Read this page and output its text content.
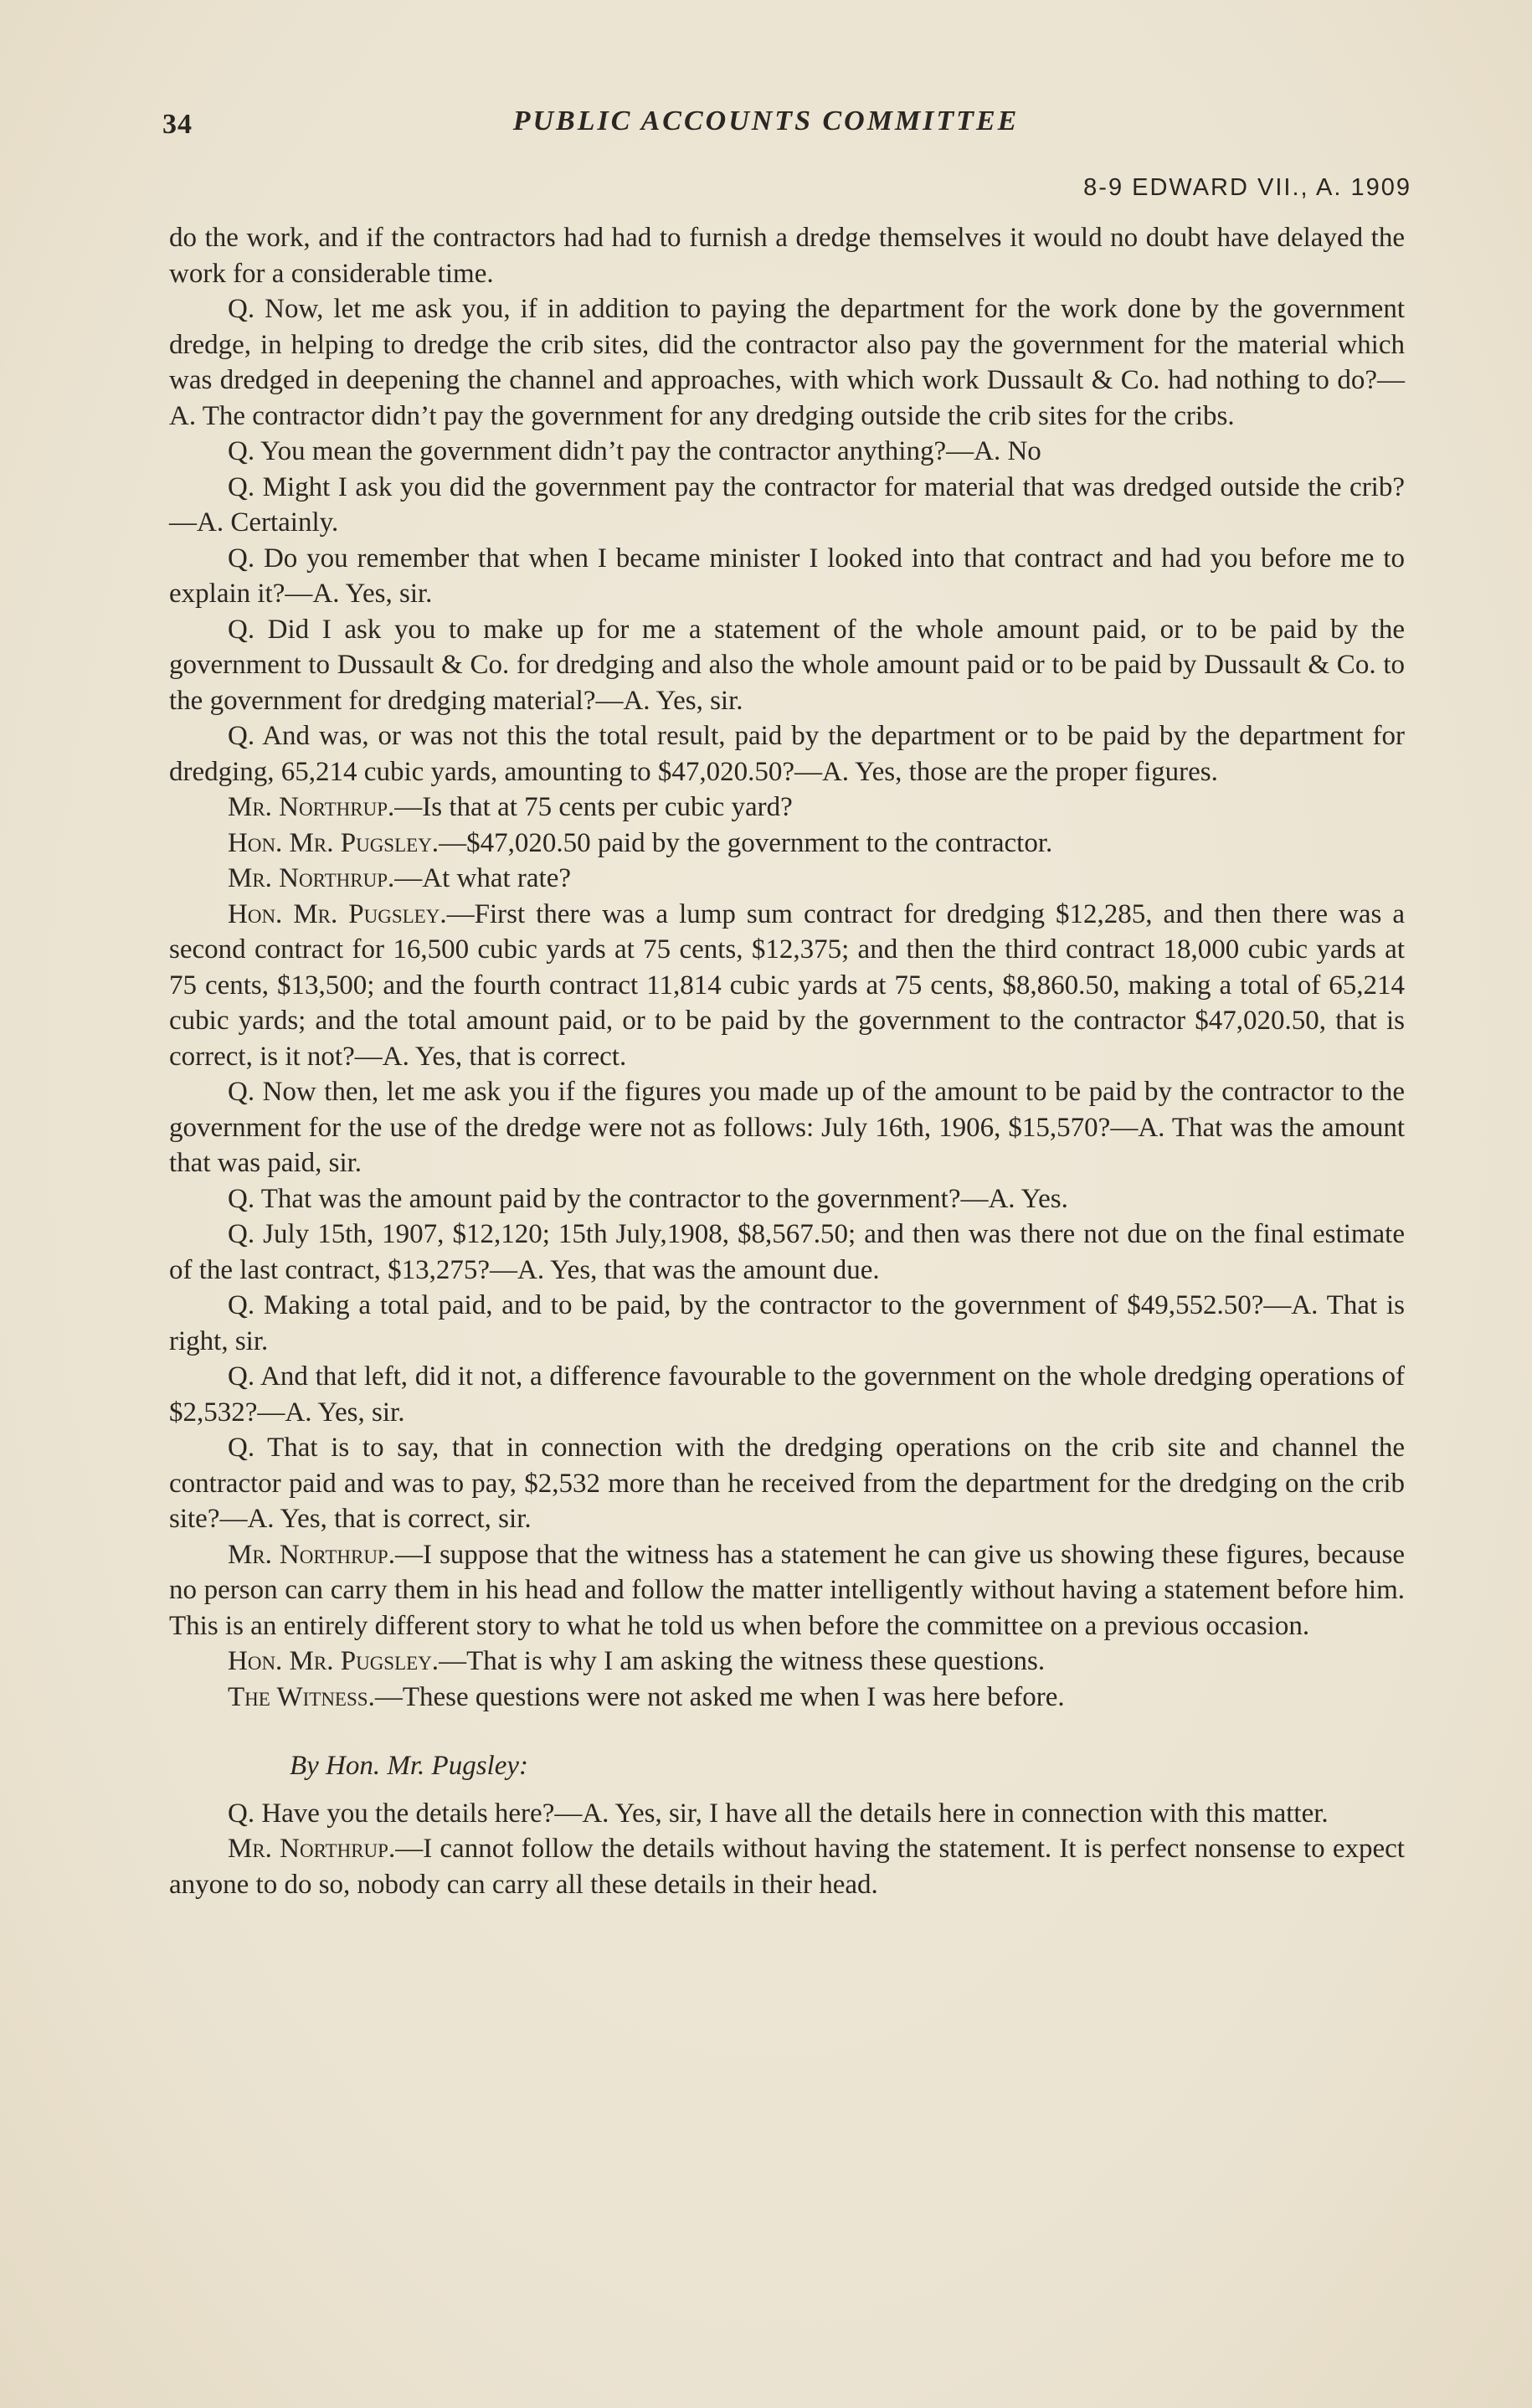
34	PUBLIC ACCOUNTS COMMITTEE
8-9 EDWARD VII., A. 1909

do the work, and if the contractors had had to furnish a dredge themselves it would no doubt have delayed the work for a considerable time.

Q. Now, let me ask you, if in addition to paying the department for the work done by the government dredge, in helping to dredge the crib sites, did the contractor also pay the government for the material which was dredged in deepening the channel and approaches, with which work Dussault & Co. had nothing to do?—A. The contractor didn’t pay the government for any dredging outside the crib sites for the cribs.

Q. You mean the government didn’t pay the contractor anything?—A. No

Q. Might I ask you did the government pay the contractor for material that was dredged outside the crib?—A. Certainly.

Q. Do you remember that when I became minister I looked into that contract and had you before me to explain it?—A. Yes, sir.

Q. Did I ask you to make up for me a statement of the whole amount paid, or to be paid by the government to Dussault & Co. for dredging and also the whole amount paid or to be paid by Dussault & Co. to the government for dredging material?—A. Yes, sir.

Q. And was, or was not this the total result, paid by the department or to be paid by the department for dredging, 65,214 cubic yards, amounting to $47,020.50?—A. Yes, those are the proper figures.

Mr. Northrup.—Is that at 75 cents per cubic yard?

Hon. Mr. Pugsley.—$47,020.50 paid by the government to the contractor.

Mr. Northrup.—At what rate?

Hon. Mr. Pugsley.—First there was a lump sum contract for dredging $12,285, and then there was a second contract for 16,500 cubic yards at 75 cents, $12,375; and then the third contract 18,000 cubic yards at 75 cents, $13,500; and the fourth contract 11,814 cubic yards at 75 cents, $8,860.50, making a total of 65,214 cubic yards; and the total amount paid, or to be paid by the government to the contractor $47,020.50, that is correct, is it not?—A. Yes, that is correct.

Q. Now then, let me ask you if the figures you made up of the amount to be paid by the contractor to the government for the use of the dredge were not as follows: July 16th, 1906, $15,570?—A. That was the amount that was paid, sir.

Q. That was the amount paid by the contractor to the government?—A. Yes.

Q. July 15th, 1907, $12,120; 15th July,1908, $8,567.50; and then was there not due on the final estimate of the last contract, $13,275?—A. Yes, that was the amount due.

Q. Making a total paid, and to be paid, by the contractor to the government of $49,552.50?—A. That is right, sir.

Q. And that left, did it not, a difference favourable to the government on the whole dredging operations of $2,532?—A. Yes, sir.

Q. That is to say, that in connection with the dredging operations on the crib site and channel the contractor paid and was to pay, $2,532 more than he received from the department for the dredging on the crib site?—A. Yes, that is correct, sir.

Mr. Northrup.—I suppose that the witness has a statement he can give us showing these figures, because no person can carry them in his head and follow the matter intelligently without having a statement before him. This is an entirely different story to what he told us when before the committee on a previous occasion.

Hon. Mr. Pugsley.—That is why I am asking the witness these questions.

The Witness.—These questions were not asked me when I was here before.

By Hon. Mr. Pugsley:

Q. Have you the details here?—A. Yes, sir, I have all the details here in connection with this matter.

Mr. Northrup.—I cannot follow the details without having the statement. It is perfect nonsense to expect anyone to do so, nobody can carry all these details in their head.
